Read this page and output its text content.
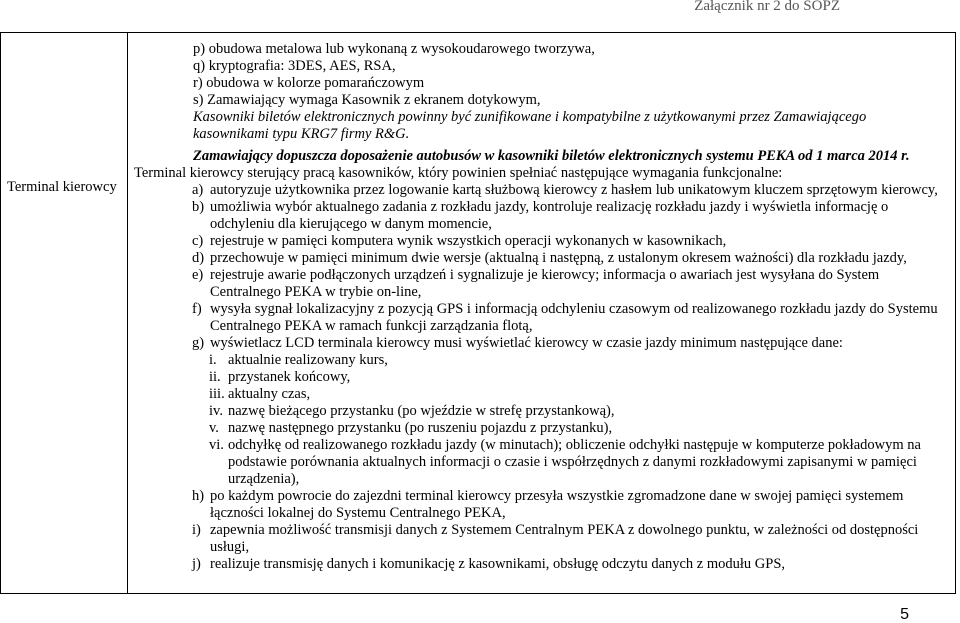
Załącznik nr 2 do SOPZ
Terminal kierowcy
p) obudowa metalowa lub wykonaną z wysokoudarowego tworzywa,
q) kryptografia: 3DES, AES, RSA,
r) obudowa w kolorze pomarańczowym
s) Zamawiający wymaga Kasownik z ekranem dotykowym,
Kasowniki biletów elektronicznych powinny być zunifikowane i kompatybilne z użytkowanymi przez Zamawiającego
kasownikami typu KRG7 firmy R&G.
Zamawiający dopuszcza doposażenie autobusów w kasowniki biletów elektronicznych systemu PEKA od 1 marca 2014 r.
Terminal kierowcy sterujący pracą kasowników, który powinien spełniać następujące wymagania funkcjonalne:
a) autoryzuje użytkownika przez logowanie kartą służbową kierowcy z hasłem lub unikatowym kluczem sprzętowym kierowcy,
b) umożliwia wybór aktualnego zadania z rozkładu jazdy, kontroluje realizację rozkładu jazdy i wyświetla informację o
odchyleniu dla kierującego w danym momencie,
c) rejestruje w pamięci komputera wynik wszystkich operacji wykonanych w kasownikach,
d) przechowuje w pamięci minimum dwie wersje (aktualną i następną, z ustalonym okresem ważności) dla rozkładu jazdy,
e) rejestruje awarie podłączonych urządzeń i sygnalizuje je kierowcy; informacja o awariach jest wysyłana do System
Centralnego PEKA w trybie on-line,
f) wysyła sygnał lokalizacyjny z pozycją GPS i informacją odchyleniu czasowym od realizowanego rozkładu jazdy do Systemu
Centralnego PEKA w ramach funkcji zarządzania flotą,
g) wyświetlacz LCD terminala kierowcy musi wyświetlać kierowcy w czasie jazdy minimum następujące dane:
i. aktualnie realizowany kurs,
ii. przystanek końcowy,
iii. aktualny czas,
iv. nazwę bieżącego przystanku (po wjeździe w strefę przystankową),
v. nazwę następnego przystanku (po ruszeniu pojazdu z przystanku),
vi. odchyłkę od realizowanego rozkładu jazdy (w minutach); obliczenie odchyłki następuje w komputerze pokładowym na
podstawie porównania aktualnych informacji o czasie i współrzędnych z danymi rozkładowymi zapisanymi w pamięci
urządzenia),
h) po każdym powrocie do zajezdni terminal kierowcy przesyła wszystkie zgromadzone dane w swojej pamięci systemem
łączności lokalnej do Systemu Centralnego PEKA,
i) zapewnia możliwość transmisji danych z Systemem Centralnym PEKA z dowolnego punktu, w zależności od dostępności
usługi,
j) realizuje transmisję danych i komunikację z kasownikami, obsługę odczytu danych z modułu GPS,
5
